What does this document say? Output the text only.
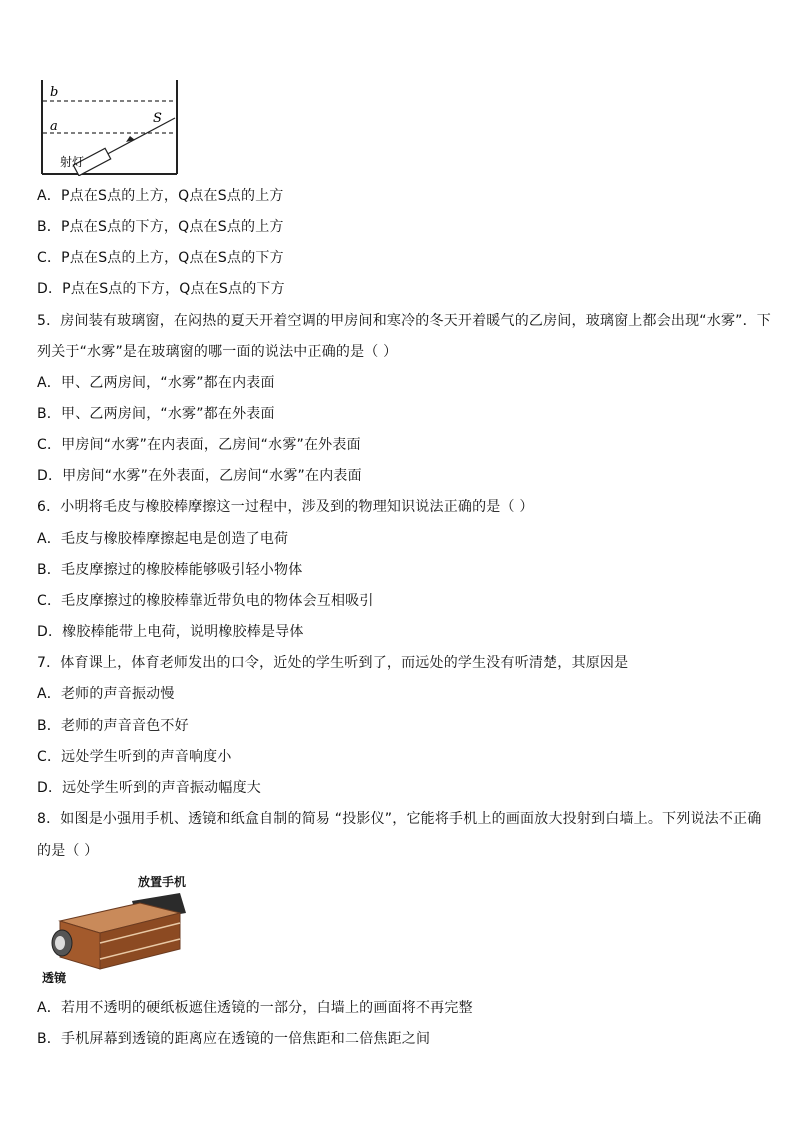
b
a
S
射灯
A．P点在S点的上方，Q点在S点的上方
B．P点在S点的下方，Q点在S点的上方
C．P点在S点的上方，Q点在S点的下方
D．P点在S点的下方，Q点在S点的下方
5．房间装有玻璃窗，在闷热的夏天开着空调的甲房间和寒冷的冬天开着暖气的乙房间，玻璃窗上都会出现“水雾”．下
列关于“水雾”是在玻璃窗的哪一面的说法中正确的是（ ）
A．甲、乙两房间，“水雾”都在内表面
B．甲、乙两房间，“水雾”都在外表面
C．甲房间“水雾”在内表面，乙房间“水雾”在外表面
D．甲房间“水雾”在外表面，乙房间“水雾”在内表面
6．小明将毛皮与橡胶棒摩擦这一过程中，涉及到的物理知识说法正确的是（ ）
A．毛皮与橡胶棒摩擦起电是创造了电荷
B．毛皮摩擦过的橡胶棒能够吸引轻小物体
C．毛皮摩擦过的橡胶棒靠近带负电的物体会互相吸引
D．橡胶棒能带上电荷，说明橡胶棒是导体
7．体育课上，体育老师发出的口令，近处的学生听到了，而远处的学生没有听清楚，其原因是
A．老师的声音振动慢
B．老师的声音音色不好
C．远处学生听到的声音响度小
D．远处学生听到的声音振动幅度大
8．如图是小强用手机、透镜和纸盒自制的简易 “投影仪”，它能将手机上的画面放大投射到白墙上。下列说法不正确
的是（ ）
放置手机
透镜
A．若用不透明的硬纸板遮住透镜的一部分，白墙上的画面将不再完整
B．手机屏幕到透镜的距离应在透镜的一倍焦距和二倍焦距之间
